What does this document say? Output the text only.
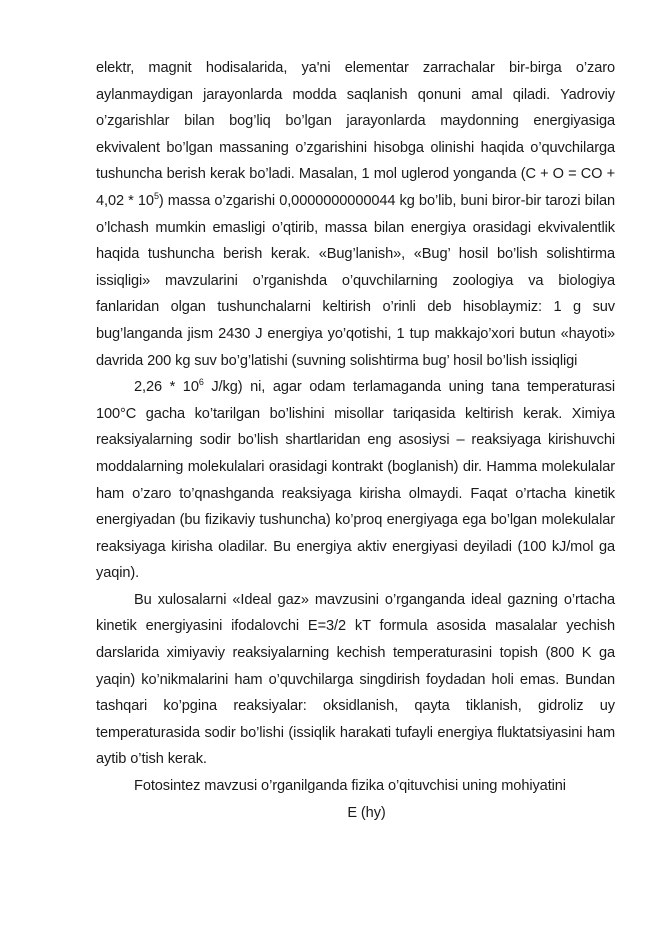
elektr, magnit hodisalarida, ya'ni elementar zarrachalar bir-birga o’zaro aylanmaydigan jarayonlarda modda saqlanish qonuni amal qiladi. Yadroviy o’zgarishlar bilan bog’liq bo’lgan jarayonlarda maydonning energiyasiga ekvivalent bo’lgan massaning o’zgarishini hisobga olinishi haqida o’quvchilarga tushuncha berish kerak bo’ladi. Masalan, 1 mol uglerod yonganda (C + O = CO + $4,02 * 10^5$) massa o’zgarishi 0,0000000000044 kg bo’lib, buni biror-bir tarozi bilan o’lchash mumkin emasligi o’qtirib, massa bilan energiya orasidagi ekvivalentlik haqida tushuncha berish kerak. «Bug’lanish», «Bug’ hosil bo’lish solishtirma issiqligi» mavzularini o’rganishda o’quvchilarning zoologiya va biologiya fanlaridan olgan tushunchalarni keltirish o’rinli deb hisoblaymiz: 1 g suv bug’langanda jism 2430 J energiya yo’qotishi, 1 tup makkajo’xori butun «hayoti» davrida 200 kg suv bo’g’latishi (suvning solishtirma bug’ hosil bo’lish issiqligi

$2,26 * 10^6$ J/kg) ni, agar odam terlamaganda uning tana temperaturasi 100°C gacha ko’tarilgan bo’lishini misollar tariqasida keltirish kerak. Ximiya reaksiyalarning sodir bo’lish shartlaridan eng asosiysi – reaksiyaga kirishuvchi moddalarning molekulalari orasidagi kontrakt (boglanish) dir. Hamma molekulalar ham o’zaro to’qnashganda reaksiyaga kirisha olmaydi. Faqat o’rtacha kinetik energiyadan (bu fizikaviy tushuncha) ko’proq energiyaga ega bo’lgan molekulalar reaksiyaga kirisha oladilar. Bu energiya aktiv energiyasi deyiladi (100 kJ/mol ga yaqin).

Bu xulosalarni «Ideal gaz» mavzusini o’rganganda ideal gazning o’rtacha kinetik energiyasini ifodalovchi E=3/2 kT formula asosida masalalar yechish darslarida ximiyaviy reaksiyalarning kechish temperaturasini topish (800 K ga yaqin) ko’nikmalarini ham o’quvchilarga singdirish foydadan holi emas. Bundan tashqari ko’pgina reaksiyalar: oksidlanish, qayta tiklanish, gidroliz uy temperaturasida sodir bo’lishi (issiqlik harakati tufayli energiya fluktatsiyasini ham aytib o’tish kerak.

Fotosintez mavzusi o’rganilganda fizika o’qituvchisi uning mohiyatini

E (hy)
